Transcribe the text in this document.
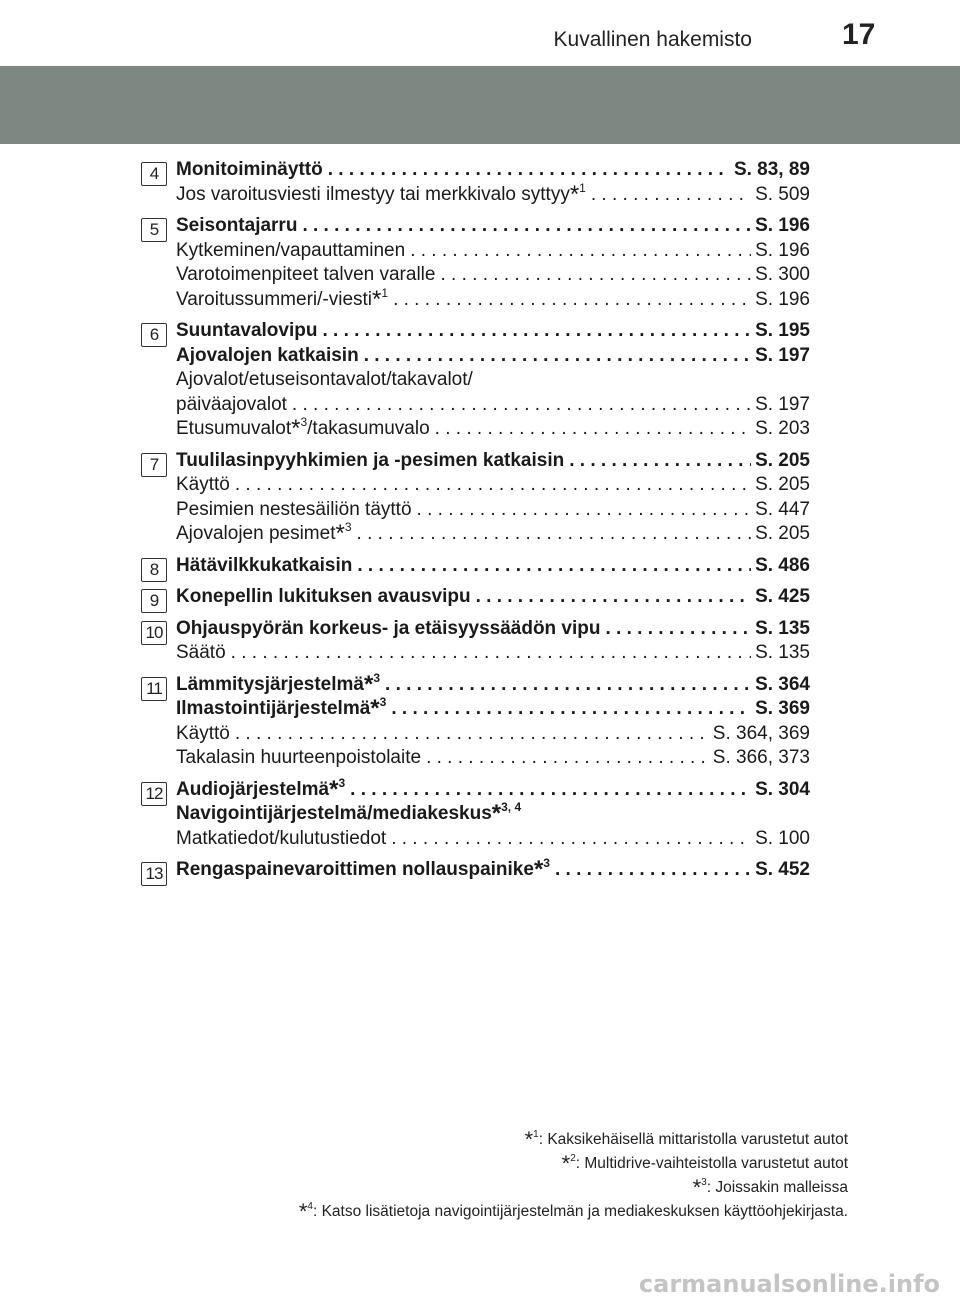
Kuvallinen hakemisto	17
4 Monitoiminäyttö . . .	S. 83, 89
Jos varoitusviesti ilmestyy tai merkkivalo syttyy*$^1$ . . .	S. 509
5 Seisontajarru . . .	S. 196
Kytkeminen/vapauttaminen . . .	S. 196
Varotoimenpiteet talven varalle . . .	S. 300
Varoitussummeri/-viesti*$^1$ . . .	S. 196
6 Suuntavalovipu . . .	S. 195
Ajovalojen katkaisin . . .	S. 197
Ajovalot/etuseisontavalot/takavalot/
päiväajovalot . . .	S. 197
Etusumuvalot*$^3$/takasumuvalo . . .	S. 203
7 Tuulilasinpyyhkimien ja -pesimen katkaisin . . .	S. 205
Käyttö . . .	S. 205
Pesimien nestesäiliön täyttö . . .	S. 447
Ajovalojen pesimet*$^3$ . . .	S. 205
8 Hätävilkkukatkaisin . . .	S. 486
9 Konepellin lukituksen avausvipu . . .	S. 425
10 Ohjauspyörän korkeus- ja etäisyyssäädön vipu . . .	S. 135
Säätö . . .	S. 135
11 Lämmitysjärjestelmä*$^3$ . . .	S. 364
Ilmastointijärjestelmä*$^3$ . . .	S. 369
Käyttö . . .	S. 364, 369
Takalasin huurteenpoistolaite . . .	S. 366, 373
12 Audiojärjestelmä*$^3$ . . .	S. 304
Navigointijärjestelmä/mediakeskus*$^{3, 4}$
Matkatiedot/kulutustiedot . . .	S. 100
13 Rengaspainevaroittimen nollauspainike*$^3$ . . .	S. 452
*$^1$: Kaksikehäisellä mittaristolla varustetut autot
*$^2$: Multidrive-vaihteistolla varustetut autot
*$^3$: Joissakin malleissa
*$^4$: Katso lisätietoja navigointijärjestelmän ja mediakeskuksen käyttöohjekirjasta.
carmanualsonline.info
